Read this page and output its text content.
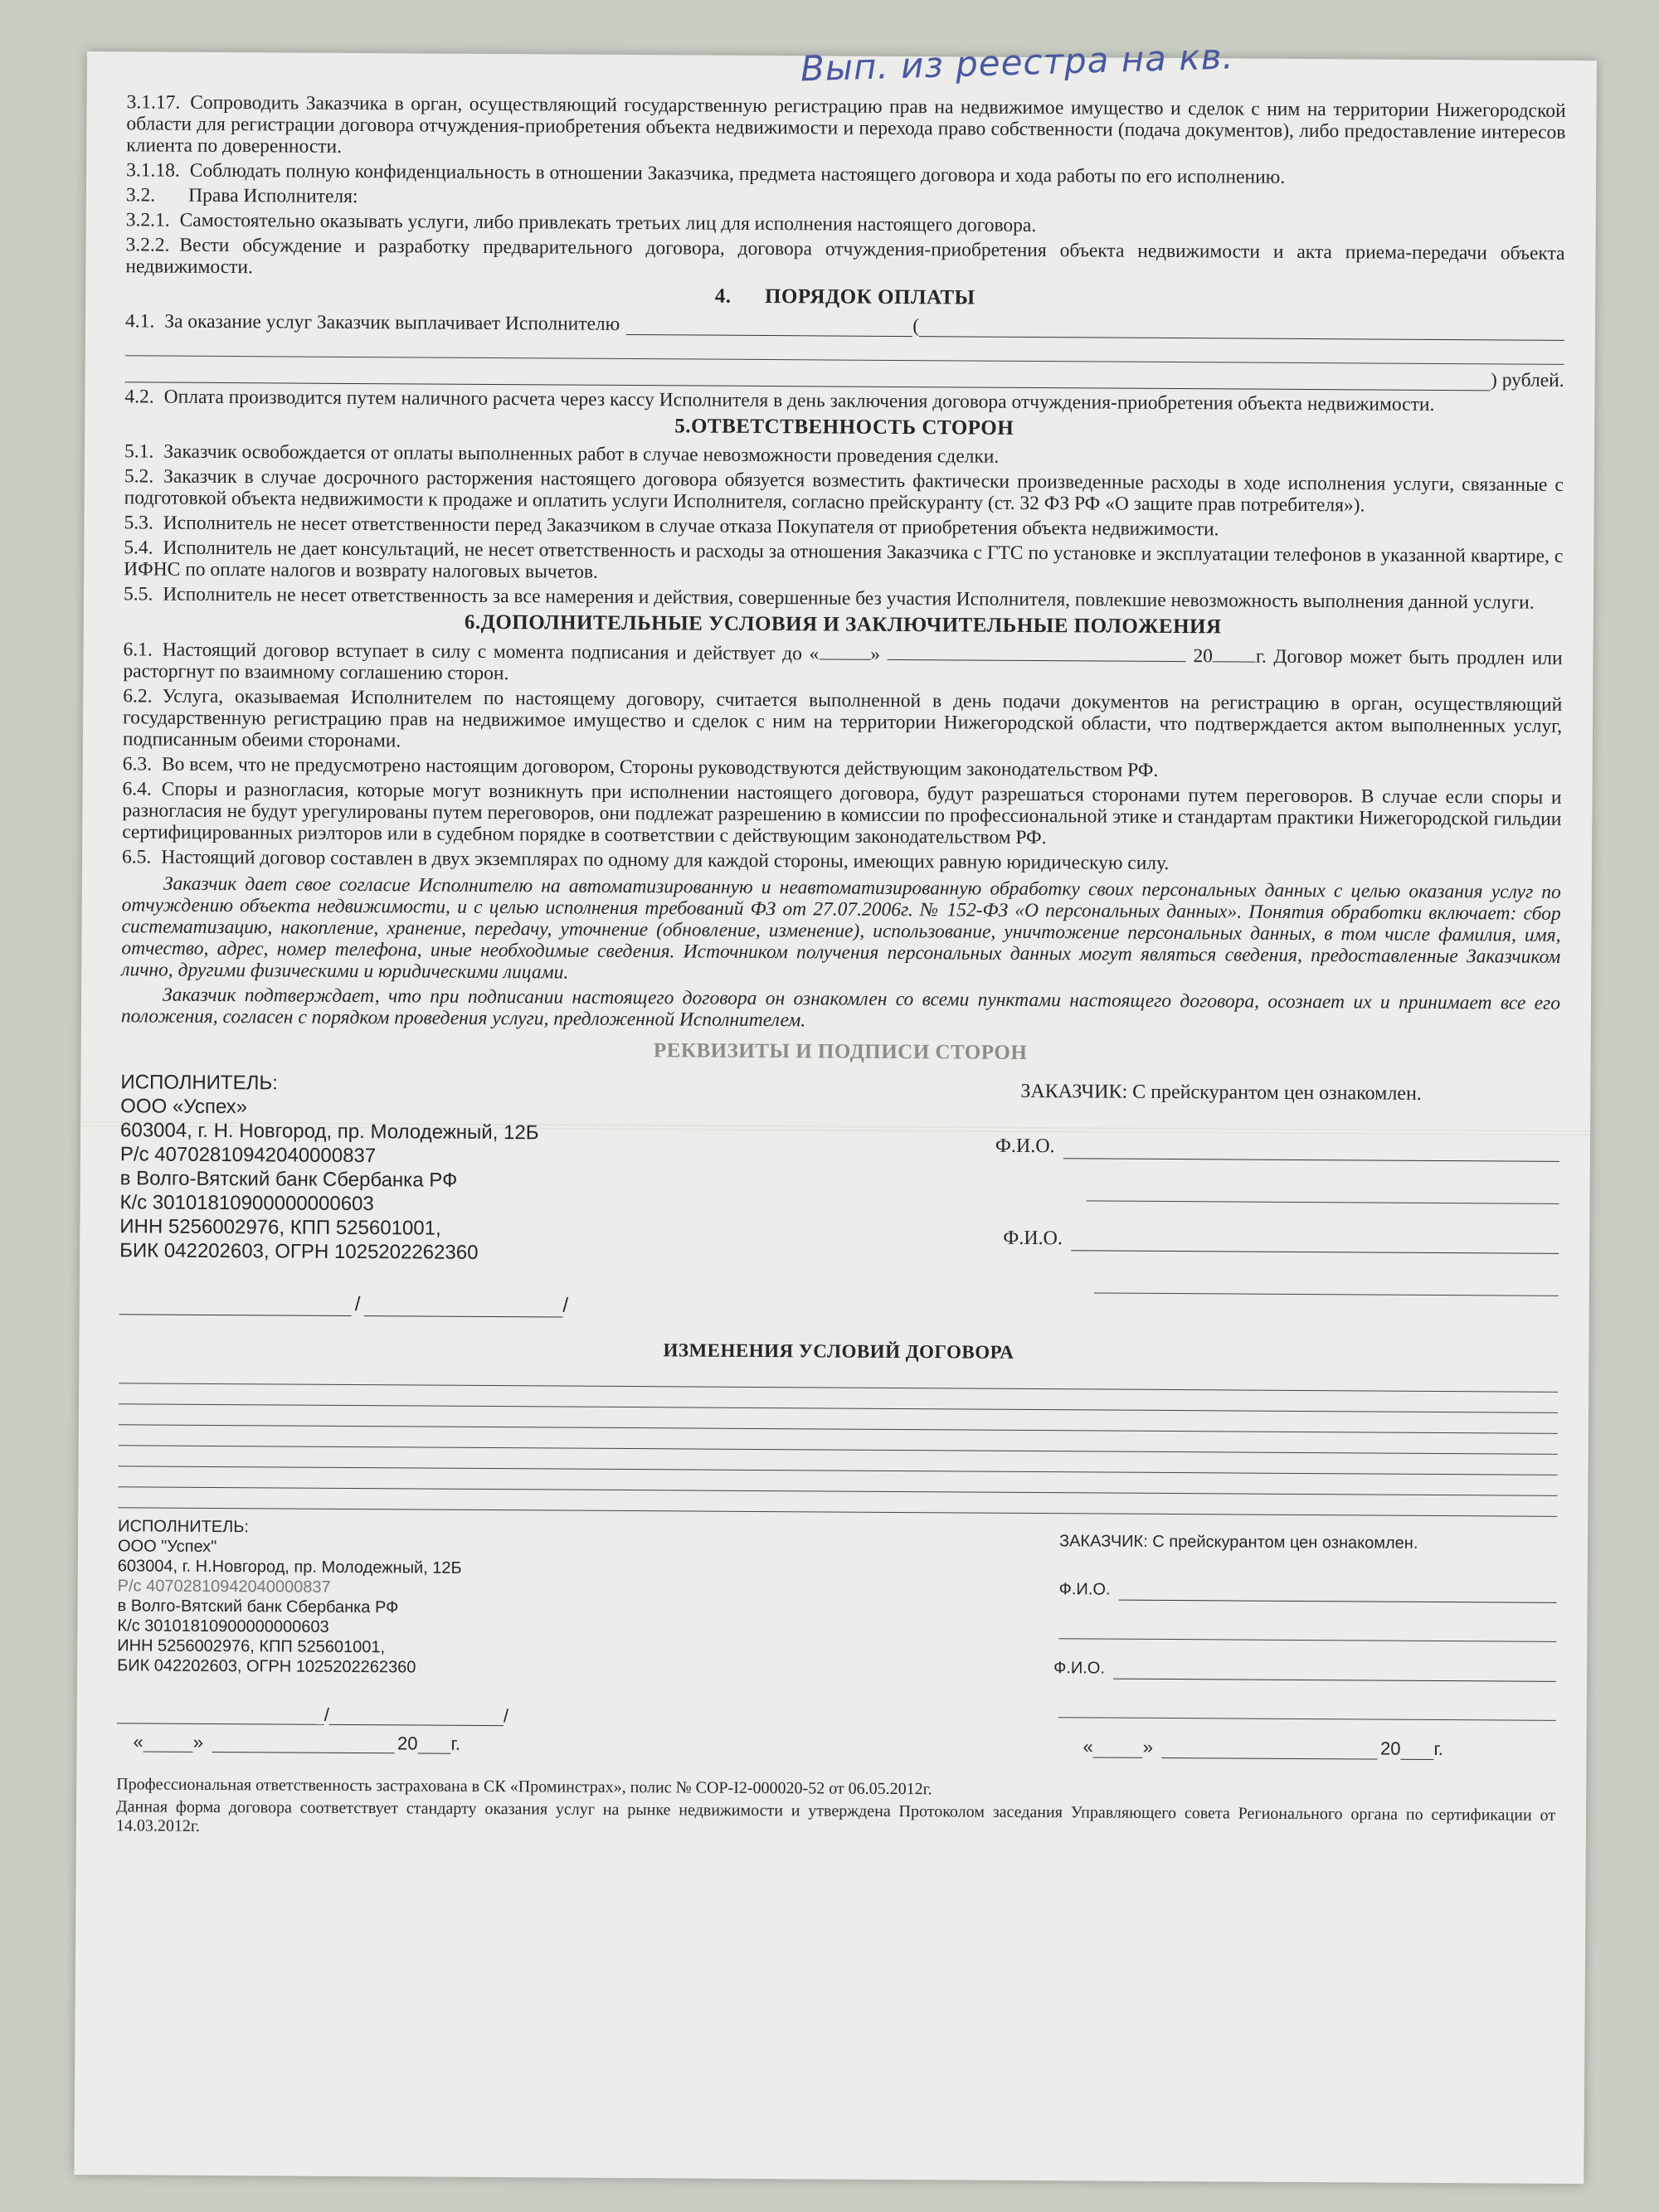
Вып. из реестра на кв.

3.1.17. Сопроводить Заказчика в орган, осуществляющий государственную регистрацию прав на недвижимое имущество и сделок с ним на территории Нижегородской области для регистрации договора отчуждения-приобретения объекта недвижимости и перехода право собственности (подача документов), либо предоставление интересов клиента по доверенности.

3.1.18. Соблюдать полную конфиденциальность в отношении Заказчика, предмета настоящего договора и хода работы по его исполнению.

3.2. Права Исполнителя:

3.2.1. Самостоятельно оказывать услуги, либо привлекать третьих лиц для исполнения настоящего договора.

3.2.2. Вести обсуждение и разработку предварительного договора, договора отчуждения-приобретения объекта недвижимости и акта приема-передачи объекта недвижимости.

4.      ПОРЯДОК ОПЛАТЫ

4.1. За оказание услуг Заказчик выплачивает Исполнителю	(

) рублей.

4.2. Оплата производится путем наличного расчета через кассу Исполнителя в день заключения договора отчуждения-приобретения объекта недвижимости.

5.ОТВЕТСТВЕННОСТЬ СТОРОН

5.1. Заказчик освобождается от оплаты выполненных работ в случае невозможности проведения сделки.

5.2. Заказчик в случае досрочного расторжения настоящего договора обязуется возместить фактически произведенные расходы в ходе исполнения услуги, связанные с подготовкой объекта недвижимости к продаже и оплатить услуги Исполнителя, согласно прейскуранту (ст. 32 ФЗ РФ «О защите прав потребителя»).

5.3. Исполнитель не несет ответственности перед Заказчиком в случае отказа Покупателя от приобретения объекта недвижимости.

5.4. Исполнитель не дает консультаций, не несет ответственность и расходы за отношения Заказчика с ГТС по установке и эксплуатации телефонов в указанной квартире, с ИФНС по оплате налогов и возврату налоговых вычетов.

5.5. Исполнитель не несет ответственность за все намерения и действия, совершенные без участия Исполнителя, повлекшие невозможность выполнения данной услуги.

6.ДОПОЛНИТЕЛЬНЫЕ УСЛОВИЯ И ЗАКЛЮЧИТЕЛЬНЫЕ ПОЛОЖЕНИЯ

6.1. Настоящий договор вступает в силу с момента подписания и действует до «	»	20 г. Договор может быть продлен или расторгнут по взаимному соглашению сторон.

6.2. Услуга, оказываемая Исполнителем по настоящему договору, считается выполненной в день подачи документов на регистрацию в орган, осуществляющий государственную регистрацию прав на недвижимое имущество и сделок с ним на территории Нижегородской области, что подтверждается актом выполненных услуг, подписанным обеими сторонами.

6.3. Во всем, что не предусмотрено настоящим договором, Стороны руководствуются действующим законодательством РФ.

6.4. Споры и разногласия, которые могут возникнуть при исполнении настоящего договора, будут разрешаться сторонами путем переговоров. В случае если споры и разногласия не будут урегулированы путем переговоров, они подлежат разрешению в комиссии по профессиональной этике и стандартам практики Нижегородской гильдии сертифицированных риэлторов или в судебном порядке в соответствии с действующим законодательством РФ.

6.5. Настоящий договор составлен в двух экземплярах по одному для каждой стороны, имеющих равную юридическую силу.

Заказчик дает свое согласие Исполнителю на автоматизированную и неавтоматизированную обработку своих персональных данных с целью оказания услуг по отчуждению объекта недвижимости, и с целью исполнения требований ФЗ от 27.07.2006г. № 152-ФЗ «О персональных данных». Понятия обработки включает: сбор систематизацию, накопление, хранение, передачу, уточнение (обновление, изменение), использование, уничтожение персональных данных, в том числе фамилия, имя, отчество, адрес, номер телефона, иные необходимые сведения. Источником получения персональных данных могут являться сведения, предоставленные Заказчиком лично, другими физическими и юридическими лицами.

Заказчик подтверждает, что при подписании настоящего договора он ознакомлен со всеми пунктами настоящего договора, осознает их и принимает все его положения, согласен с порядком проведения услуги, предложенной Исполнителем.

РЕКВИЗИТЫ И ПОДПИСИ СТОРОН
ИСПОЛНИТЕЛЬ:
ООО «Успех»
603004, г. Н. Новгород, пр. Молодежный, 12Б
Р/с 40702810942040000837
в Волго-Вятский банк Сбербанка РФ
К/с 30101810900000000603
ИНН 5256002976, КПП 525601001,
БИК 042202603, ОГРН 1025202262360
/	/
ЗАКАЗЧИК: С прейскурантом цен ознакомлен.
Ф.И.О.
Ф.И.О.
ИЗМЕНЕНИЯ УСЛОВИЙ ДОГОВОРА
ИСПОЛНИТЕЛЬ:
ООО "Успех"
603004, г. Н.Новгород, пр. Молодежный, 12Б
Р/с 40702810942040000837
в Волго-Вятский банк Сбербанка РФ
К/с 30101810900000000603
ИНН 5256002976, КПП 525601001,
БИК 042202603, ОГРН 1025202262360
/	/
«	»	20 г.
ЗАКАЗЧИК: С прейскурантом цен ознакомлен.
Ф.И.О.
Ф.И.О.
«	»	20 г.

Профессиональная ответственность застрахована в СК «Проминстрах», полис № СОР-I2-000020-52 от 06.05.2012г.

Данная форма договора соответствует стандарту оказания услуг на рынке недвижимости и утверждена Протоколом заседания Управляющего совета Регионального органа по сертификации от 14.03.2012г.
